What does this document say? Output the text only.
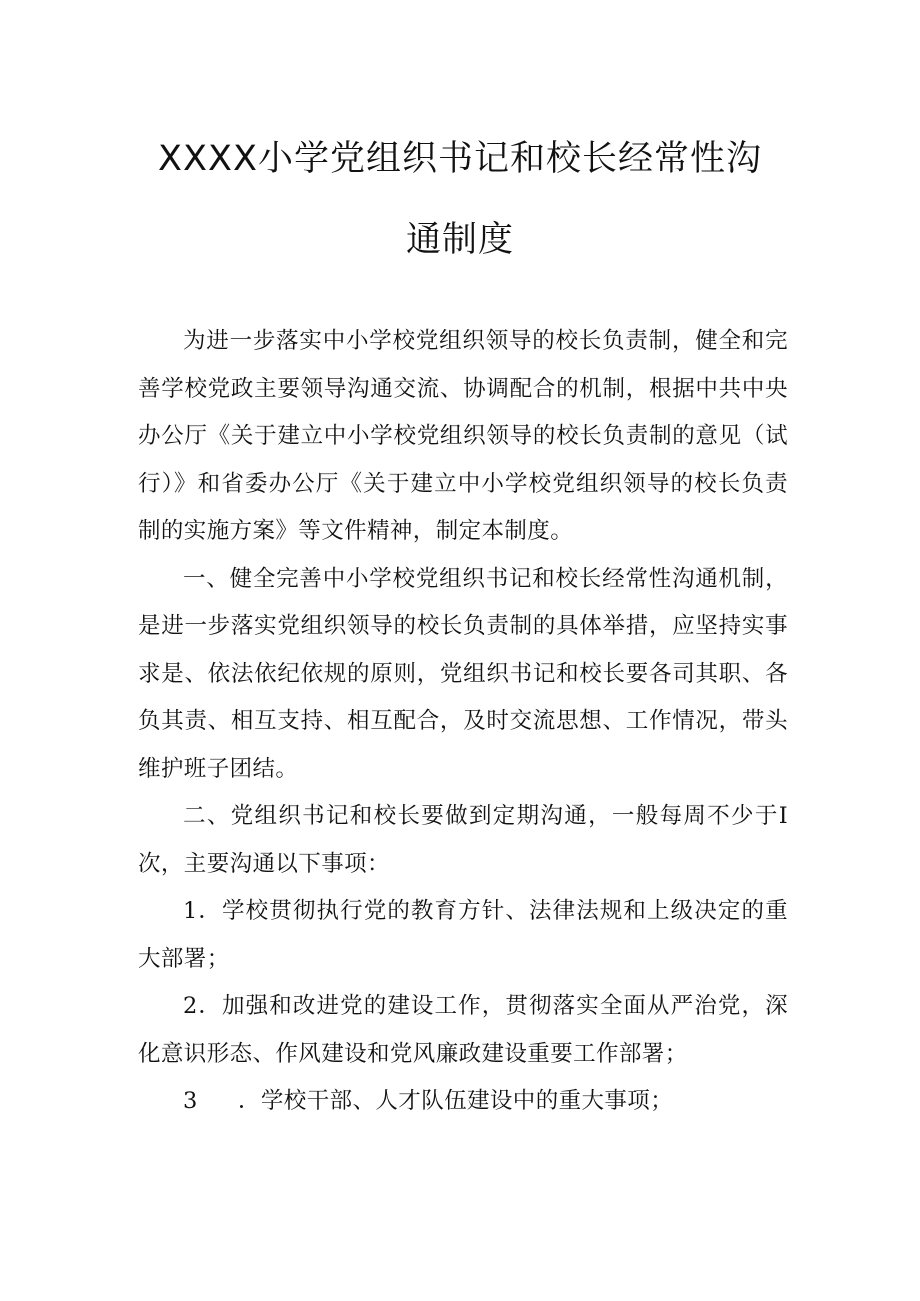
XXXX小学党组织书记和校长经常性沟
通制度

为进一步落实中小学校党组织领导的校长负责制，健全和完善学校党政主要领导沟通交流、协调配合的机制，根据中共中央办公厅《关于建立中小学校党组织领导的校长负责制的意见（试行）》和省委办公厅《关于建立中小学校党组织领导的校长负责制的实施方案》等文件精神，制定本制度。

一、健全完善中小学校党组织书记和校长经常性沟通机制，是进一步落实党组织领导的校长负责制的具体举措，应坚持实事求是、依法依纪依规的原则，党组织书记和校长要各司其职、各负其责、相互支持、相互配合，及时交流思想、工作情况，带头维护班子团结。

二、党组织书记和校长要做到定期沟通，一般每周不少于I次，主要沟通以下事项：

1．学校贯彻执行党的教育方针、法律法规和上级决定的重大部署；

2．加强和改进党的建设工作，贯彻落实全面从严治党，深化意识形态、作风建设和党风廉政建设重要工作部署；

3 ．学校干部、人才队伍建设中的重大事项；
